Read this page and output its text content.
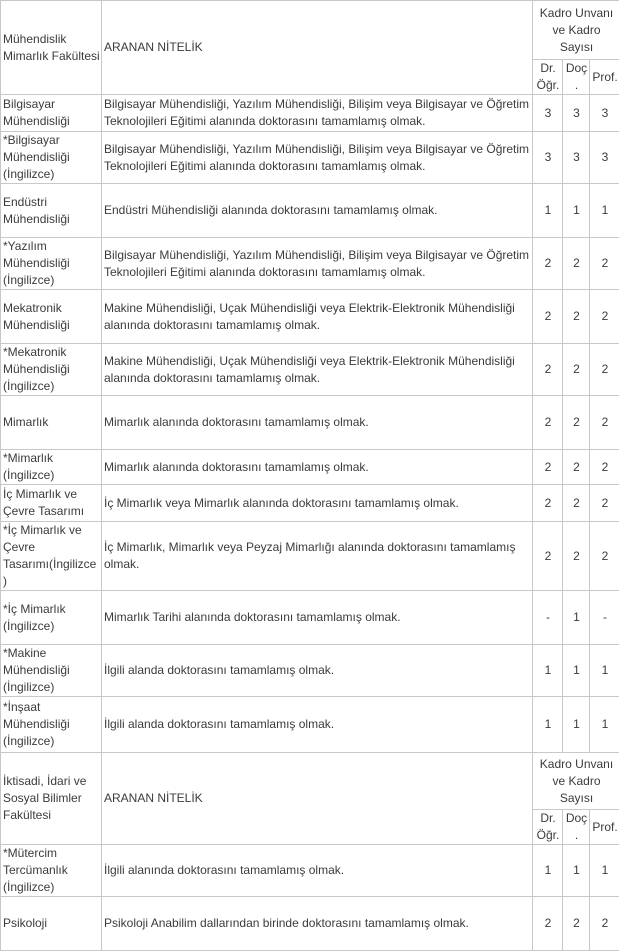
Mühendislik Mimarlık Fakültesi	ARANAN NİTELİK	Kadro Unvanı ve Kadro Sayısı		
		Dr. Öğr.	Doç.	Prof.
Bilgisayar Mühendisliği	Bilgisayar Mühendisliği, Yazılım Mühendisliği, Bilişim veya Bilgisayar ve Öğretim Teknolojileri Eğitimi alanında doktorasını tamamlamış olmak.	3	3	3
*Bilgisayar Mühendisliği (İngilizce)	Bilgisayar Mühendisliği, Yazılım Mühendisliği, Bilişim veya Bilgisayar ve Öğretim Teknolojileri Eğitimi alanında doktorasını tamamlamış olmak.	3	3	3
Endüstri Mühendisliği	Endüstri Mühendisliği alanında doktorasını tamamlamış olmak.	1	1	1
*Yazılım Mühendisliği (İngilizce)	Bilgisayar Mühendisliği, Yazılım Mühendisliği, Bilişim veya Bilgisayar ve Öğretim Teknolojileri Eğitimi alanında doktorasını tamamlamış olmak.	2	2	2
Mekatronik Mühendisliği	Makine Mühendisliği, Uçak Mühendisliği veya Elektrik-Elektronik Mühendisliği alanında doktorasını tamamlamış olmak.	2	2	2
*Mekatronik Mühendisliği (İngilizce)	Makine Mühendisliği, Uçak Mühendisliği veya Elektrik-Elektronik Mühendisliği alanında doktorasını tamamlamış olmak.	2	2	2
Mimarlık	Mimarlık alanında doktorasını tamamlamış olmak.	2	2	2
*Mimarlık (İngilizce)	Mimarlık alanında doktorasını tamamlamış olmak.	2	2	2
İç Mimarlık ve Çevre Tasarımı	İç Mimarlık veya Mimarlık alanında doktorasını tamamlamış olmak.	2	2	2
*İç Mimarlık ve Çevre Tasarımı(İngilizce)	İç Mimarlık, Mimarlık veya Peyzaj Mimarlığı alanında doktorasını tamamlamış olmak.	2	2	2
*İç Mimarlık (İngilizce)	Mimarlık Tarihi alanında doktorasını tamamlamış olmak.	-	1	-
*Makine Mühendisliği (İngilizce)	İlgili alanda doktorasını tamamlamış olmak.	1	1	1
*İnşaat Mühendisliği (İngilizce)	İlgili alanda doktorasını tamamlamış olmak.	1	1	1
İktisadi, İdari ve Sosyal Bilimler Fakültesi	ARANAN NİTELİK	Kadro Unvanı ve Kadro Sayısı		
		Dr. Öğr.	Doç.	Prof.
*Mütercim Tercümanlık (İngilizce)	İlgili alanında doktorasını tamamlamış olmak.	1	1	1
Psikoloji	Psikoloji Anabilim dallarından birinde doktorasını tamamlamış olmak.	2	2	2
